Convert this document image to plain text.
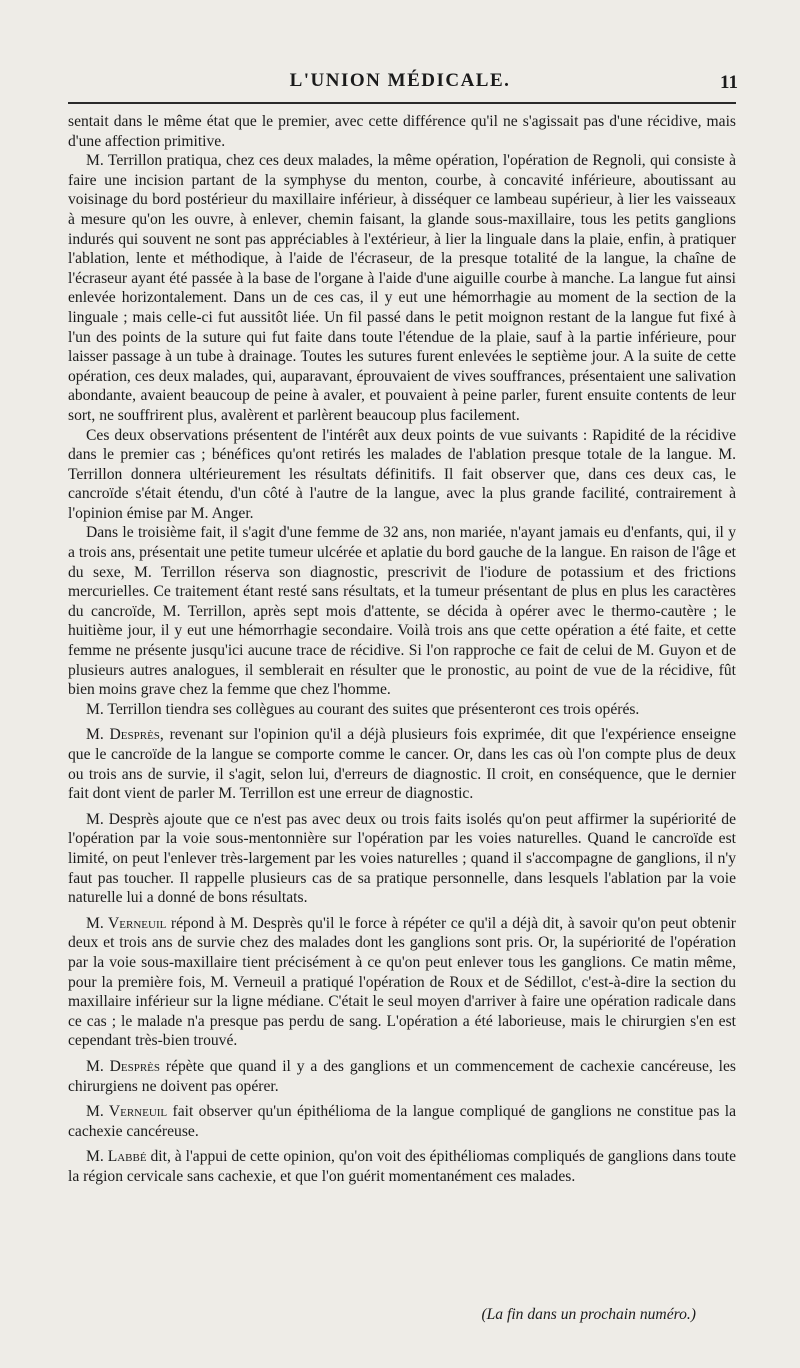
L'UNION MÉDICALE.	11

sentait dans le même état que le premier, avec cette différence qu'il ne s'agissait pas d'une récidive, mais d'une affection primitive.

M. Terrillon pratiqua, chez ces deux malades, la même opération, l'opération de Regnoli, qui consiste à faire une incision partant de la symphyse du menton, courbe, à concavité inférieure, aboutissant au voisinage du bord postérieur du maxillaire inférieur, à disséquer ce lambeau supérieur, à lier les vaisseaux à mesure qu'on les ouvre, à enlever, chemin faisant, la glande sous-maxillaire, tous les petits ganglions indurés qui souvent ne sont pas appréciables à l'extérieur, à lier la linguale dans la plaie, enfin, à pratiquer l'ablation, lente et méthodique, à l'aide de l'écraseur, de la presque totalité de la langue, la chaîne de l'écraseur ayant été passée à la base de l'organe à l'aide d'une aiguille courbe à manche. La langue fut ainsi enlevée horizontalement. Dans un de ces cas, il y eut une hémorrhagie au moment de la section de la linguale ; mais celle-ci fut aussitôt liée. Un fil passé dans le petit moignon restant de la langue fut fixé à l'un des points de la suture qui fut faite dans toute l'étendue de la plaie, sauf à la partie inférieure, pour laisser passage à un tube à drainage. Toutes les sutures furent enlevées le septième jour. A la suite de cette opération, ces deux malades, qui, auparavant, éprouvaient de vives souffrances, présentaient une salivation abondante, avaient beaucoup de peine à avaler, et pouvaient à peine parler, furent ensuite contents de leur sort, ne souffrirent plus, avalèrent et parlèrent beaucoup plus facilement.

Ces deux observations présentent de l'intérêt aux deux points de vue suivants : Rapidité de la récidive dans le premier cas ; bénéfices qu'ont retirés les malades de l'ablation presque totale de la langue. M. Terrillon donnera ultérieurement les résultats définitifs. Il fait observer que, dans ces deux cas, le cancroïde s'était étendu, d'un côté à l'autre de la langue, avec la plus grande facilité, contrairement à l'opinion émise par M. Anger.

Dans le troisième fait, il s'agit d'une femme de 32 ans, non mariée, n'ayant jamais eu d'enfants, qui, il y a trois ans, présentait une petite tumeur ulcérée et aplatie du bord gauche de la langue. En raison de l'âge et du sexe, M. Terrillon réserva son diagnostic, prescrivit de l'iodure de potassium et des frictions mercurielles. Ce traitement étant resté sans résultats, et la tumeur présentant de plus en plus les caractères du cancroïde, M. Terrillon, après sept mois d'attente, se décida à opérer avec le thermo-cautère ; le huitième jour, il y eut une hémorrhagie secondaire. Voilà trois ans que cette opération a été faite, et cette femme ne présente jusqu'ici aucune trace de récidive. Si l'on rapproche ce fait de celui de M. Guyon et de plusieurs autres analogues, il semblerait en résulter que le pronostic, au point de vue de la récidive, fût bien moins grave chez la femme que chez l'homme.

M. Terrillon tiendra ses collègues au courant des suites que présenteront ces trois opérés.

M. Desprès, revenant sur l'opinion qu'il a déjà plusieurs fois exprimée, dit que l'expérience enseigne que le cancroïde de la langue se comporte comme le cancer. Or, dans les cas où l'on compte plus de deux ou trois ans de survie, il s'agit, selon lui, d'erreurs de diagnostic. Il croit, en conséquence, que le dernier fait dont vient de parler M. Terrillon est une erreur de diagnostic.

M. Desprès ajoute que ce n'est pas avec deux ou trois faits isolés qu'on peut affirmer la supériorité de l'opération par la voie sous-mentonnière sur l'opération par les voies naturelles. Quand le cancroïde est limité, on peut l'enlever très-largement par les voies naturelles ; quand il s'accompagne de ganglions, il n'y faut pas toucher. Il rappelle plusieurs cas de sa pratique personnelle, dans lesquels l'ablation par la voie naturelle lui a donné de bons résultats.

M. Verneuil répond à M. Desprès qu'il le force à répéter ce qu'il a déjà dit, à savoir qu'on peut obtenir deux et trois ans de survie chez des malades dont les ganglions sont pris. Or, la supériorité de l'opération par la voie sous-maxillaire tient précisément à ce qu'on peut enlever tous les ganglions. Ce matin même, pour la première fois, M. Verneuil a pratiqué l'opération de Roux et de Sédillot, c'est-à-dire la section du maxillaire inférieur sur la ligne médiane. C'était le seul moyen d'arriver à faire une opération radicale dans ce cas ; le malade n'a presque pas perdu de sang. L'opération a été laborieuse, mais le chirurgien s'en est cependant très-bien trouvé.

M. Desprès répète que quand il y a des ganglions et un commencement de cachexie cancéreuse, les chirurgiens ne doivent pas opérer.

M. Verneuil fait observer qu'un épithélioma de la langue compliqué de ganglions ne constitue pas la cachexie cancéreuse.

M. Labbé dit, à l'appui de cette opinion, qu'on voit des épithéliomas compliqués de ganglions dans toute la région cervicale sans cachexie, et que l'on guérit momentanément ces malades.

(La fin dans un prochain numéro.)
